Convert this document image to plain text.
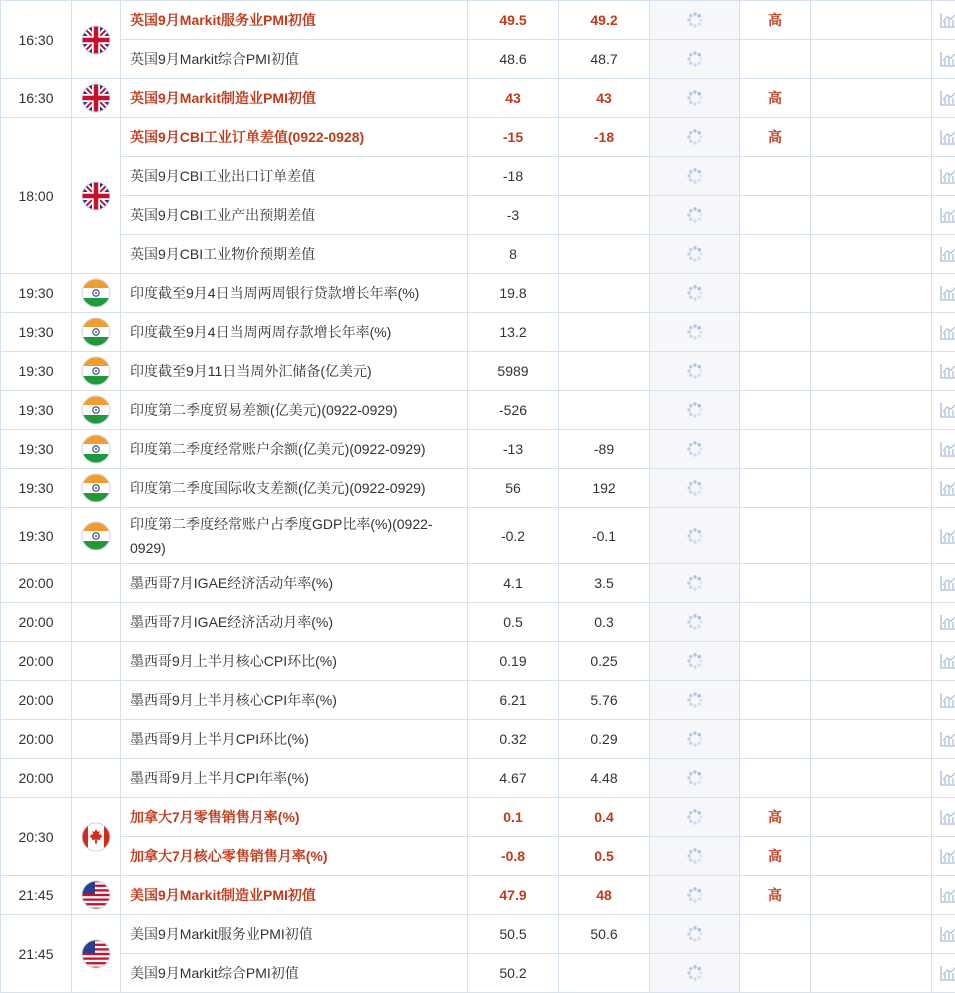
16:30		英国9月Markit服务业PMI初值	49.5	49.2		高		
		英国9月Markit综合PMI初值	48.6	48.7				
16:30		英国9月Markit制造业PMI初值	43	43		高		
18:00		英国9月CBI工业订单差值(0922-0928)	-15	-18		高		
		英国9月CBI工业出口订单差值	-18					
		英国9月CBI工业产出预期差值	-3					
		英国9月CBI工业物价预期差值	8					
19:30		印度截至9月4日当周两周银行贷款增长年率(%)	19.8					
19:30		印度截至9月4日当周两周存款增长年率(%)	13.2					
19:30		印度截至9月11日当周外汇储备(亿美元)	5989					
19:30		印度第二季度贸易差额(亿美元)(0922-0929)	-526					
19:30		印度第二季度经常账户余额(亿美元)(0922-0929)	-13	-89				
19:30		印度第二季度国际收支差额(亿美元)(0922-0929)	56	192				
19:30		印度第二季度经常账户占季度GDP比率(%)(0922-0929)	-0.2	-0.1				
20:00		墨西哥7月IGAE经济活动年率(%)	4.1	3.5				
20:00		墨西哥7月IGAE经济活动月率(%)	0.5	0.3				
20:00		墨西哥9月上半月核心CPI环比(%)	0.19	0.25				
20:00		墨西哥9月上半月核心CPI年率(%)	6.21	5.76				
20:00		墨西哥9月上半月CPI环比(%)	0.32	0.29				
20:00		墨西哥9月上半月CPI年率(%)	4.67	4.48				
20:30		加拿大7月零售销售月率(%)	0.1	0.4		高		
		加拿大7月核心零售销售月率(%)	-0.8	0.5		高		
21:45		美国9月Markit制造业PMI初值	47.9	48		高		
21:45		美国9月Markit服务业PMI初值	50.5	50.6				
		美国9月Markit综合PMI初值	50.2					
